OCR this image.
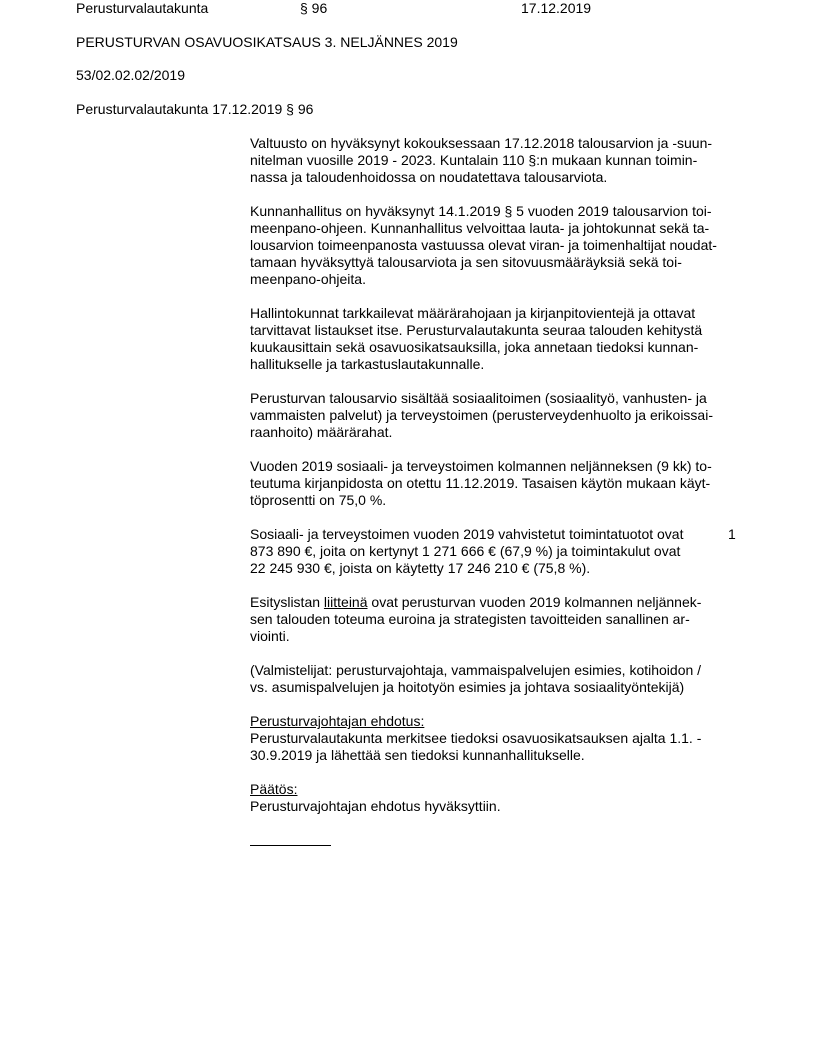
Perusturvalautakunta	§ 96	17.12.2019
PERUSTURVAN OSAVUOSIKATSAUS 3. NELJÄNNES 2019
53/02.02.02/2019
Perusturvalautakunta 17.12.2019 § 96
Valtuusto on hyväksynyt kokouksessaan 17.12.2018 talousarvion ja -suun-
nitelman vuosille 2019 - 2023. Kuntalain 110 §:n mukaan kunnan toimin-
nassa ja taloudenhoidossa on noudatettava talousarviota.
Kunnanhallitus on hyväksynyt 14.1.2019 § 5 vuoden 2019 talousarvion toi-
meenpano-ohjeen. Kunnanhallitus velvoittaa lauta- ja johtokunnat sekä ta-
lousarvion toimeenpanosta vastuussa olevat viran- ja toimenhaltijat noudat-
tamaan hyväksyttyä talousarviota ja sen sitovuusmääräyksiä sekä toi-
meenpano-ohjeita.
Hallintokunnat tarkkailevat määrärahojaan ja kirjanpitovientejä ja ottavat
tarvittavat listaukset itse. Perusturvalautakunta seuraa talouden kehitystä
kuukausittain sekä osavuosikatsauksilla, joka annetaan tiedoksi kunnan-
hallitukselle ja tarkastuslautakunnalle.
Perusturvan talousarvio sisältää sosiaalitoimen (sosiaalityö, vanhusten- ja
vammaisten palvelut) ja terveystoimen (perusterveydenhuolto ja erikoissai-
raanhoito) määrärahat.
Vuoden 2019 sosiaali- ja terveystoimen kolmannen neljänneksen (9 kk) to-
teutuma kirjanpidosta on otettu 11.12.2019. Tasaisen käytön mukaan käyt-
töprosentti on 75,0 %.
Sosiaali- ja terveystoimen vuoden 2019 vahvistetut toimintatuotot ovat
873 890 €, joita on kertynyt 1 271 666 € (67,9 %) ja toimintakulut ovat
22 245 930 €, joista on käytetty 17 246 210 € (75,8 %).
Esityslistan liitteinä ovat perusturvan vuoden 2019 kolmannen neljännek-
sen talouden toteuma euroina ja strategisten tavoitteiden sanallinen ar-
viointi.
(Valmistelijat: perusturvajohtaja, vammaispalvelujen esimies, kotihoidon /
vs. asumispalvelujen ja hoitotyön esimies ja johtava sosiaalityöntekijä)
Perusturvajohtajan ehdotus:
Perusturvalautakunta merkitsee tiedoksi osavuosikatsauksen ajalta 1.1. -
30.9.2019 ja lähettää sen tiedoksi kunnanhallitukselle.
Päätös:
Perusturvajohtajan ehdotus hyväksyttiin.
1
